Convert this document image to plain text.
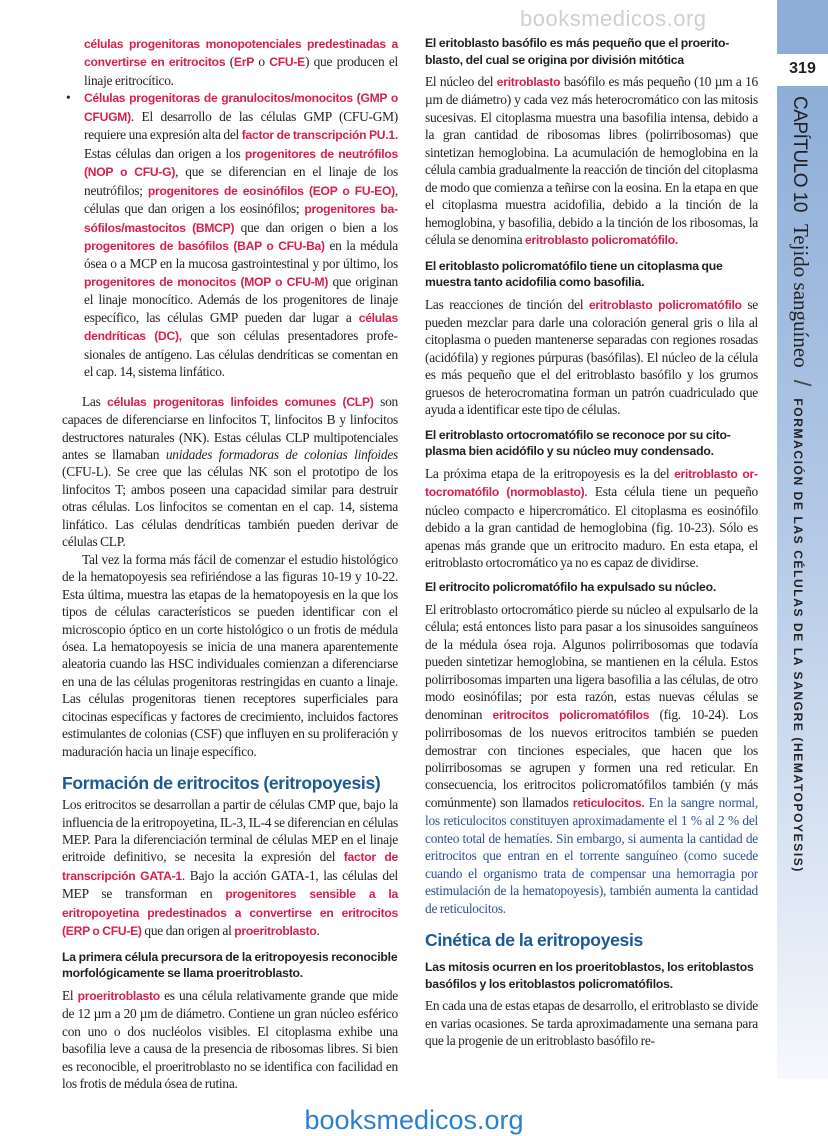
319
CAPÍTULO 10
Tejido sanguíneo
/
FORMACIÓN DE LAS CÉLULAS DE LA SANGRE (HEMATOPOYESIS)

células progenitoras monopotenciales predestinadas a convertirse en eritrocitos (ErP o CFU-E) que producen el linaje eritrocítico.

• Células progenitoras de granulocitos/monocitos (GMP o CFUGM). El desarrollo de las células GMP (CFU-GM) requiere una expresión alta del factor de transcripción PU.1. Estas células dan origen a los progenitores de neutrófilos (NOP o CFU-G), que se diferencian en el linaje de los neutrófilos; progenitores de eosinófilos (EOP o FU-EO), células que dan origen a los eosinófilos; progenitores basófilos/mastocitos (BMCP) que dan origen o bien a los progenitores de basófilos (BAP o CFU-Ba) en la médula ósea o a MCP en la mucosa gastrointestinal y por último, los progenitores de monocitos (MOP o CFU-M) que originan el linaje monocítico. Además de los progenitores de linaje específico, las células GMP pueden dar lugar a células dendríticas (DC), que son células presentadores profesionales de antígeno. Las células dendríticas se comentan en el cap. 14, sistema linfático.

Las células progenitoras linfoides comunes (CLP) son capaces de diferenciarse en linfocitos T, linfocitos B y linfocitos destructores naturales (NK). Estas células CLP multipotenciales antes se llamaban unidades formadoras de colonias linfoides (CFU-L). Se cree que las células NK son el prototipo de los linfocitos T; ambos poseen una capacidad similar para destruir otras células. Los linfocitos se comentan en el cap. 14, sistema linfático. Las células dendríticas también pueden derivar de células CLP.

Tal vez la forma más fácil de comenzar el estudio histológico de la hematopoyesis sea refiriéndose a las figuras 10-19 y 10-22. Esta última, muestra las etapas de la hematopoyesis en la que los tipos de células característicos se pueden identificar con el microscopio óptico en un corte histológico o un frotis de médula ósea. La hematopoyesis se inicia de una manera aparentemente aleatoria cuando las HSC individuales comienzan a diferenciarse en una de las células progenitoras restringidas en cuanto a linaje. Las células progenitoras tienen receptores superficiales para citocinas específicas y factores de crecimiento, incluidos factores estimulantes de colonias (CSF) que influyen en su proliferación y maduración hacia un linaje específico.

Formación de eritrocitos (eritropoyesis)

Los eritrocitos se desarrollan a partir de células CMP que, bajo la influencia de la eritropoyetina, IL-3, IL-4 se diferencian en células MEP. Para la diferenciación terminal de células MEP en el linaje eritroide definitivo, se necesita la expresión del factor de transcripción GATA-1. Bajo la acción GATA-1, las células del MEP se transforman en progenitores sensible a la eritropoyetina predestinados a convertirse en eritrocitos (ERP o CFU-E) que dan origen al proeritroblasto.

La primera célula precursora de la eritropoyesis reconocible morfológicamente se llama proeritroblasto.

El proeritroblasto es una célula relativamente grande que mide de 12 µm a 20 µm de diámetro. Contiene un gran núcleo esférico con uno o dos nucléolos visibles. El citoplasma exhibe una basofilia leve a causa de la presencia de ribosomas libres. Si bien es reconocible, el proeritroblasto no se identifica con facilidad en los frotis de médula ósea de rutina.

El eritoblasto basófilo es más pequeño que el proeritoblasto, del cual se origina por división mitótica

El núcleo del eritroblasto basófilo es más pequeño (10 µm a 16 µm de diámetro) y cada vez más heterocromático con las mitosis sucesivas. El citoplasma muestra una basofilia intensa, debido a la gran cantidad de ribosomas libres (polirribosomas) que sintetizan hemoglobina. La acumulación de hemoglobina en la célula cambia gradualmente la reacción de tinción del citoplasma de modo que comienza a teñirse con la eosina. En la etapa en que el citoplasma muestra acidofilia, debido a la tinción de la hemoglobina, y basofilia, debido a la tinción de los ribosomas, la célula se denomina eritroblasto policromatófilo.

El eritoblasto policromatófilo tiene un citoplasma que muestra tanto acidofilia como basofilia.

Las reacciones de tinción del eritroblasto policromatófilo se pueden mezclar para darle una coloración general gris o lila al citoplasma o pueden mantenerse separadas con regiones rosadas (acidófila) y regiones púrpuras (basófilas). El núcleo de la célula es más pequeño que el del eritroblasto basófilo y los grumos gruesos de heterocromatina forman un patrón cuadriculado que ayuda a identificar este tipo de células.

El eritroblasto ortocromatófilo se reconoce por su citoplasma bien acidófilo y su núcleo muy condensado.

La próxima etapa de la eritropoyesis es la del eritroblasto ortocromatófilo (normoblasto). Esta célula tiene un pequeño núcleo compacto e hipercromático. El citoplasma es eosinófilo debido a la gran cantidad de hemoglobina (fig. 10-23). Sólo es apenas más grande que un eritrocito maduro. En esta etapa, el eritroblasto ortocromático ya no es capaz de dividirse.

El eritrocito policromatófilo ha expulsado su núcleo.

El eritroblasto ortocromático pierde su núcleo al expulsarlo de la célula; está entonces listo para pasar a los sinusoides sanguíneos de la médula ósea roja. Algunos polirribosomas que todavía pueden sintetizar hemoglobina, se mantienen en la célula. Estos polirribosomas imparten una ligera basofilia a las células, de otro modo eosinófilas; por esta razón, estas nuevas células se denominan eritrocitos policromatófilos (fig. 10-24). Los polirribosomas de los nuevos eritrocitos también se pueden demostrar con tinciones especiales, que hacen que los polirribosomas se agrupen y formen una red reticular. En consecuencia, los eritrocitos policromatófilos también (y más comúnmente) son llamados reticulocitos. En la sangre normal, los reticulocitos constituyen aproximadamente el 1 % al 2 % del conteo total de hematíes. Sin embargo, si aumenta la cantidad de eritrocitos que entran en el torrente sanguíneo (como sucede cuando el organismo trata de compensar una hemorragia por estimulación de la hematopoyesis), también aumenta la cantidad de reticulocitos.

Cinética de la eritropoyesis

Las mitosis ocurren en los proeritoblastos, los eritoblastos basófilos y los eritoblastos policromatófilos.

En cada una de estas etapas de desarrollo, el eritroblasto se divide en varias ocasiones. Se tarda aproximadamente una semana para que la progenie de un eritroblasto basófilo re-

booksmedicos.org
booksmedicos.org
